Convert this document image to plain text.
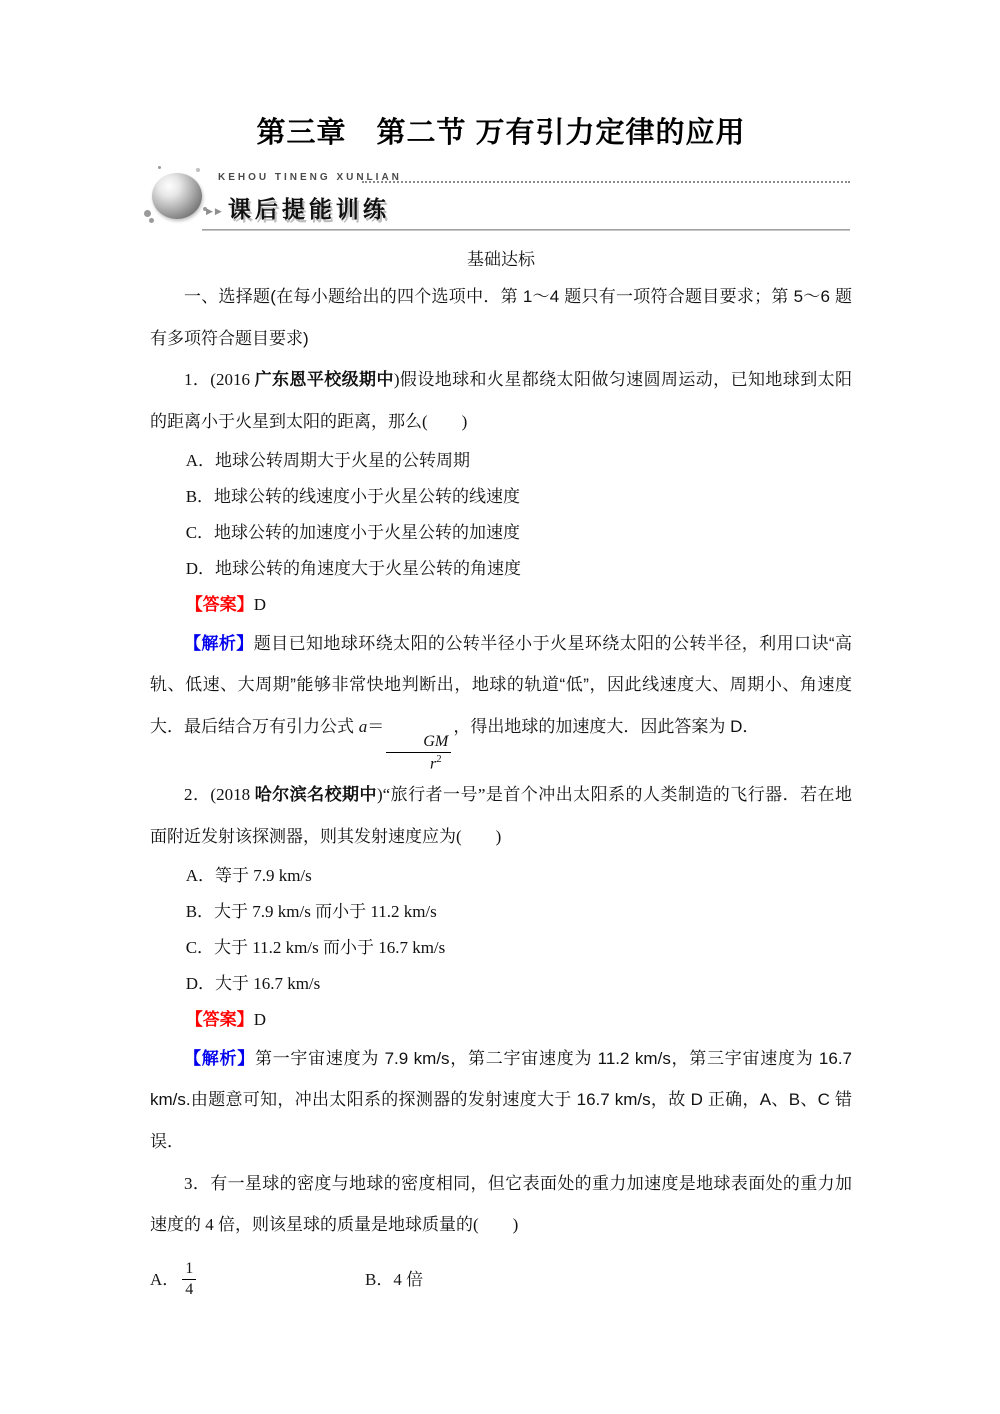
第三章　第二节 万有引力定律的应用
KEHOU TINENG XUNLIAN
▶▶ 课后提能训练
基础达标

一、选择题(在每小题给出的四个选项中．第 1～4 题只有一项符合题目要求；第 5～6 题有多项符合题目要求)

1．(2016 广东恩平校级期中)假设地球和火星都绕太阳做匀速圆周运动，已知地球到太阳的距离小于火星到太阳的距离，那么(　　)

A．地球公转周期大于火星的公转周期
B．地球公转的线速度小于火星公转的线速度
C．地球公转的加速度小于火星公转的加速度
D．地球公转的角速度大于火星公转的角速度
【答案】D

【解析】题目已知地球环绕太阳的公转半径小于火星环绕太阳的公转半径，利用口诀“高轨、低速、大周期”能够非常快地判断出，地球的轨道“低”，因此线速度大、周期小、角速度大．最后结合万有引力公式 a＝
$\frac{GM}{r^2}$
，得出地球的加速度大．因此答案为 D．

2．(2018 哈尔滨名校期中)“旅行者一号”是首个冲出太阳系的人类制造的飞行器．若在地面附近发射该探测器，则其发射速度应为(　　)

A．等于 7.9 km/s
B．大于 7.9 km/s 而小于 11.2 km/s
C．大于 11.2 km/s 而小于 16.7 km/s
D．大于 16.7 km/s
【答案】D

【解析】第一宇宙速度为 7.9 km/s，第二宇宙速度为 11.2 km/s，第三宇宙速度为 16.7 km/s.由题意可知，冲出太阳系的探测器的发射速度大于 16.7 km/s，故 D 正确，A、B、C 错误．

3．有一星球的密度与地球的密度相同，但它表面处的重力加速度是地球表面处的重力加速度的 4 倍，则该星球的质量是地球质量的(　　)

A． $\frac{1}{4}$	B．4 倍
